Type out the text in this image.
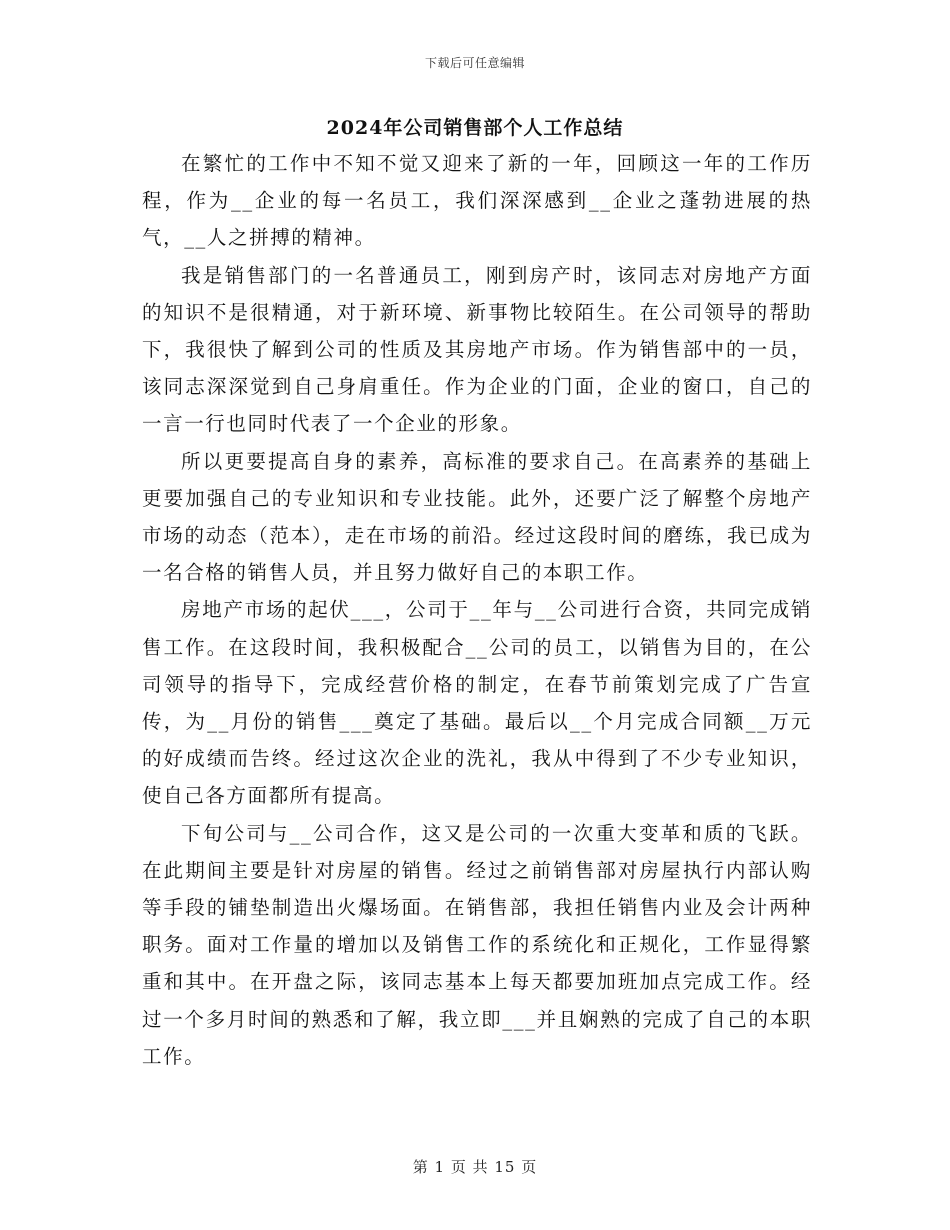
下载后可任意编辑
2024年公司销售部个人工作总结

在繁忙的工作中不知不觉又迎来了新的一年，回顾这一年的工作历程，作为__企业的每一名员工，我们深深感到__企业之蓬勃进展的热气，__人之拼搏的精神。

我是销售部门的一名普通员工，刚到房产时，该同志对房地产方面的知识不是很精通，对于新环境、新事物比较陌生。在公司领导的帮助下，我很快了解到公司的性质及其房地产市场。作为销售部中的一员，该同志深深觉到自己身肩重任。作为企业的门面，企业的窗口，自己的一言一行也同时代表了一个企业的形象。

所以更要提高自身的素养，高标准的要求自己。在高素养的基础上更要加强自己的专业知识和专业技能。此外，还要广泛了解整个房地产市场的动态（范本），走在市场的前沿。经过这段时间的磨练，我已成为一名合格的销售人员，并且努力做好自己的本职工作。

房地产市场的起伏___，公司于__年与__公司进行合资，共同完成销售工作。在这段时间，我积极配合__公司的员工，以销售为目的，在公司领导的指导下，完成经营价格的制定，在春节前策划完成了广告宣传，为__月份的销售___奠定了基础。最后以__个月完成合同额__万元的好成绩而告终。经过这次企业的洗礼，我从中得到了不少专业知识，使自己各方面都所有提高。

下旬公司与__公司合作，这又是公司的一次重大变革和质的飞跃。在此期间主要是针对房屋的销售。经过之前销售部对房屋执行内部认购等手段的铺垫制造出火爆场面。在销售部，我担任销售内业及会计两种职务。面对工作量的增加以及销售工作的系统化和正规化，工作显得繁重和其中。在开盘之际，该同志基本上每天都要加班加点完成工作。经过一个多月时间的熟悉和了解，我立即___并且娴熟的完成了自己的本职工作。

第 1 页 共 15 页
